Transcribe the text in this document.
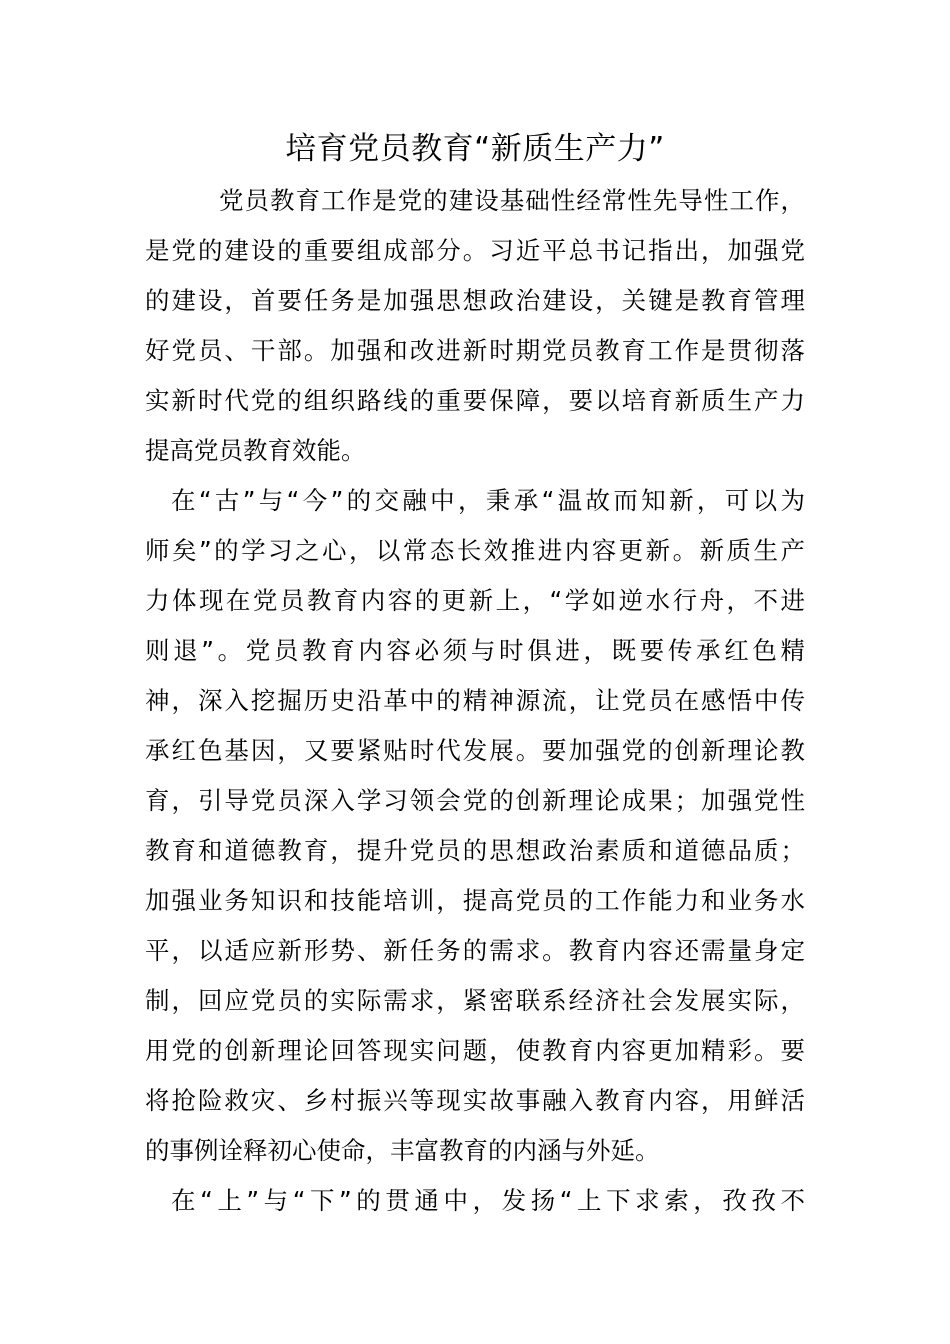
培育党员教育“新质生产力”
党员教育工作是党的建设基础性经常性先导性工作，
是党的建设的重要组成部分。习近平总书记指出，加强党
的建设，首要任务是加强思想政治建设，关键是教育管理
好党员、干部。加强和改进新时期党员教育工作是贯彻落
实新时代党的组织路线的重要保障，要以培育新质生产力
提高党员教育效能。
在“古”与“今”的交融中，秉承“温故而知新，可以为
师矣”的学习之心，以常态长效推进内容更新。新质生产
力体现在党员教育内容的更新上，“学如逆水行舟，不进
则退”。党员教育内容必须与时俱进，既要传承红色精
神，深入挖掘历史沿革中的精神源流，让党员在感悟中传
承红色基因，又要紧贴时代发展。要加强党的创新理论教
育，引导党员深入学习领会党的创新理论成果；加强党性
教育和道德教育，提升党员的思想政治素质和道德品质；
加强业务知识和技能培训，提高党员的工作能力和业务水
平，以适应新形势、新任务的需求。教育内容还需量身定
制，回应党员的实际需求，紧密联系经济社会发展实际，
用党的创新理论回答现实问题，使教育内容更加精彩。要
将抢险救灾、乡村振兴等现实故事融入教育内容，用鲜活
的事例诠释初心使命，丰富教育的内涵与外延。
在“上”与“下”的贯通中，发扬“上下求索，孜孜不
